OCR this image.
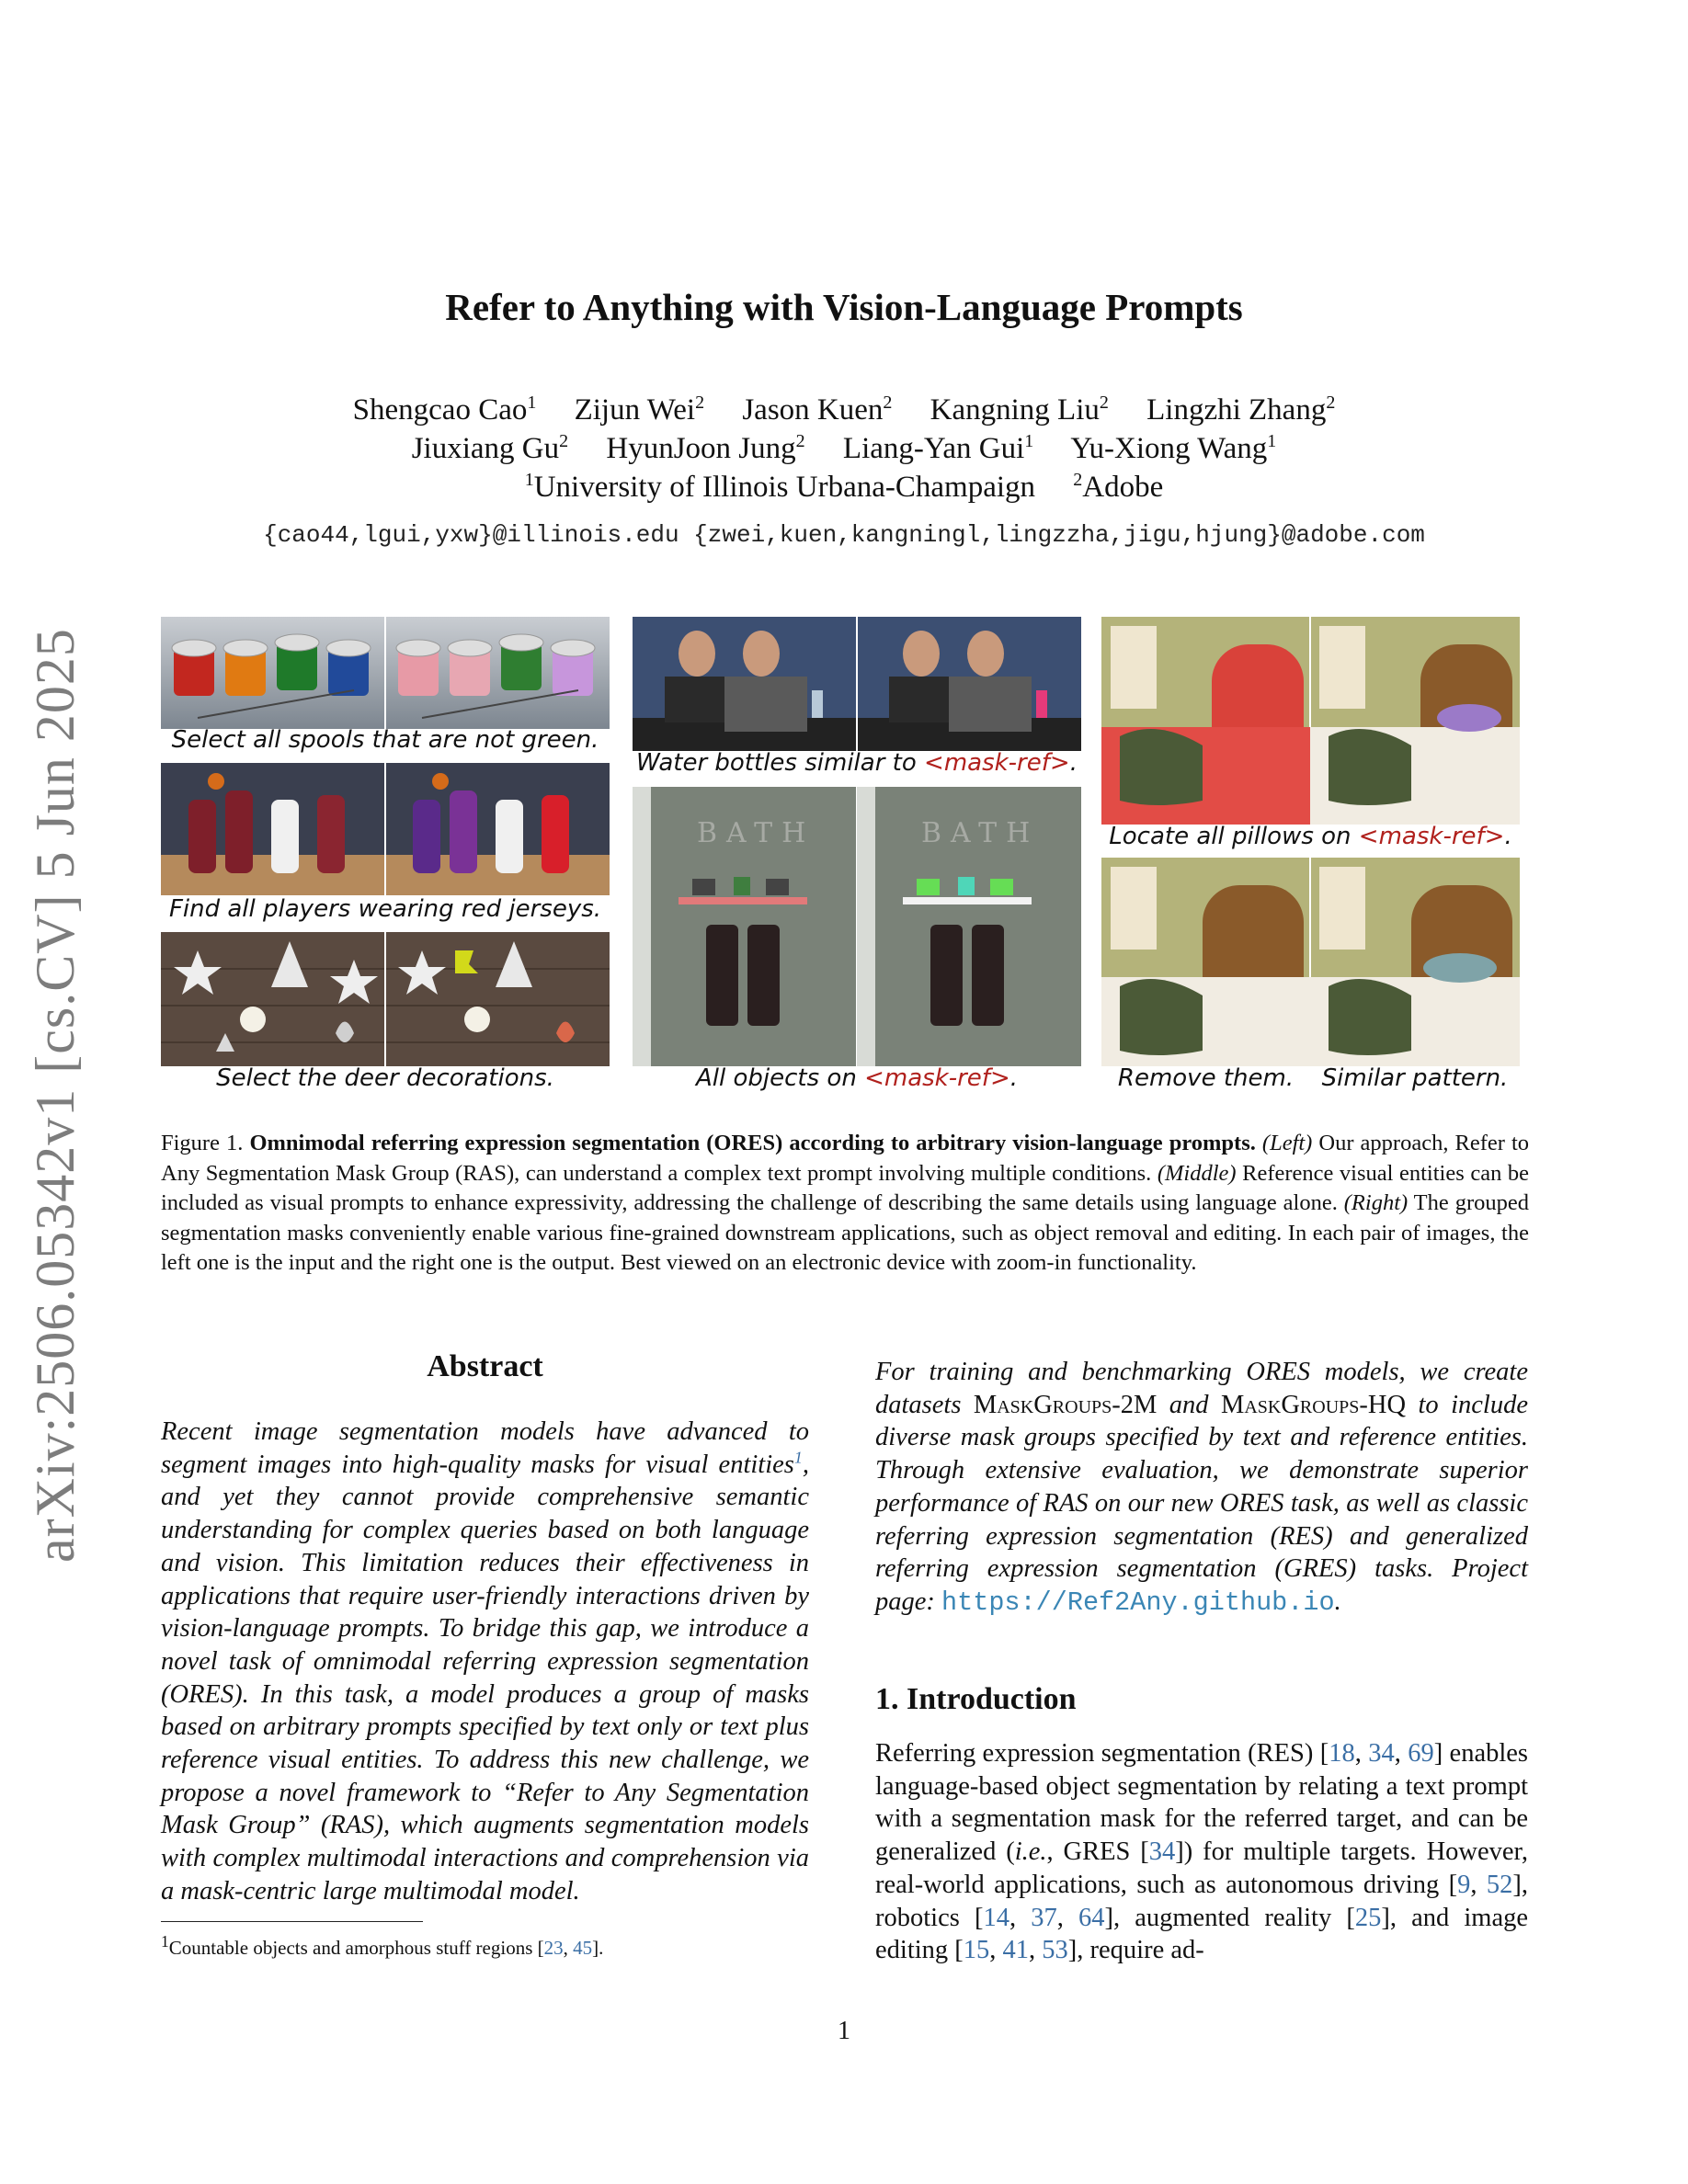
arXiv:2506.05342v1 [cs.CV] 5 Jun 2025
Refer to Anything with Vision-Language Prompts
Shengcao Cao$^1$ Zijun Wei$^2$ Jason Kuen$^2$ Kangning Liu$^2$ Lingzhi Zhang$^2$
Jiuxiang Gu$^2$ HyunJoon Jung$^2$ Liang-Yan Gui$^1$ Yu-Xiong Wang$^1$
$^1$University of Illinois Urbana-Champaign $^2$Adobe
{cao44,lgui,yxw}@illinois.edu {zwei,kuen,kangningl,lingzzha,jigu,hjung}@adobe.com
Select all spools that are not green.
Find all players wearing red jerseys.
Select the deer decorations.
Water bottles similar to <mask-ref>.
BATH	BATH
All objects on <mask-ref>.
Locate all pillows on <mask-ref>.
Remove them.	Similar pattern.
Figure 1. Omnimodal referring expression segmentation (ORES) according to arbitrary vision-language prompts. (Left) Our approach, Refer to Any Segmentation Mask Group (RAS), can understand a complex text prompt involving multiple conditions. (Middle) Reference visual entities can be included as visual prompts to enhance expressivity, addressing the challenge of describing the same details using language alone. (Right) The grouped segmentation masks conveniently enable various fine-grained downstream applications, such as object removal and editing. In each pair of images, the left one is the input and the right one is the output. Best viewed on an electronic device with zoom-in functionality.
Abstract
Recent image segmentation models have advanced to segment images into high-quality masks for visual entities$^1$, and yet they cannot provide comprehensive semantic understanding for complex queries based on both language and vision. This limitation reduces their effectiveness in applications that require user-friendly interactions driven by vision-language prompts. To bridge this gap, we introduce a novel task of omnimodal referring expression segmentation (ORES). In this task, a model produces a group of masks based on arbitrary prompts specified by text only or text plus reference visual entities. To address this new challenge, we propose a novel framework to “Refer to Any Segmentation Mask Group” (RAS), which augments segmentation models with complex multimodal interactions and comprehension via a mask-centric large multimodal model.
$^1$Countable objects and amorphous stuff regions [23, 45].
For training and benchmarking ORES models, we create datasets MaskGroups-2M and MaskGroups-HQ to include diverse mask groups specified by text and reference entities. Through extensive evaluation, we demonstrate superior performance of RAS on our new ORES task, as well as classic referring expression segmentation (RES) and generalized referring expression segmentation (GRES) tasks. Project page: https://Ref2Any.github.io.
1. Introduction
Referring expression segmentation (RES) [18, 34, 69] enables language-based object segmentation by relating a text prompt with a segmentation mask for the referred target, and can be generalized (i.e., GRES [34]) for multiple targets. However, real-world applications, such as autonomous driving [9, 52], robotics [14, 37, 64], augmented reality [25], and image editing [15, 41, 53], require ad-
1
